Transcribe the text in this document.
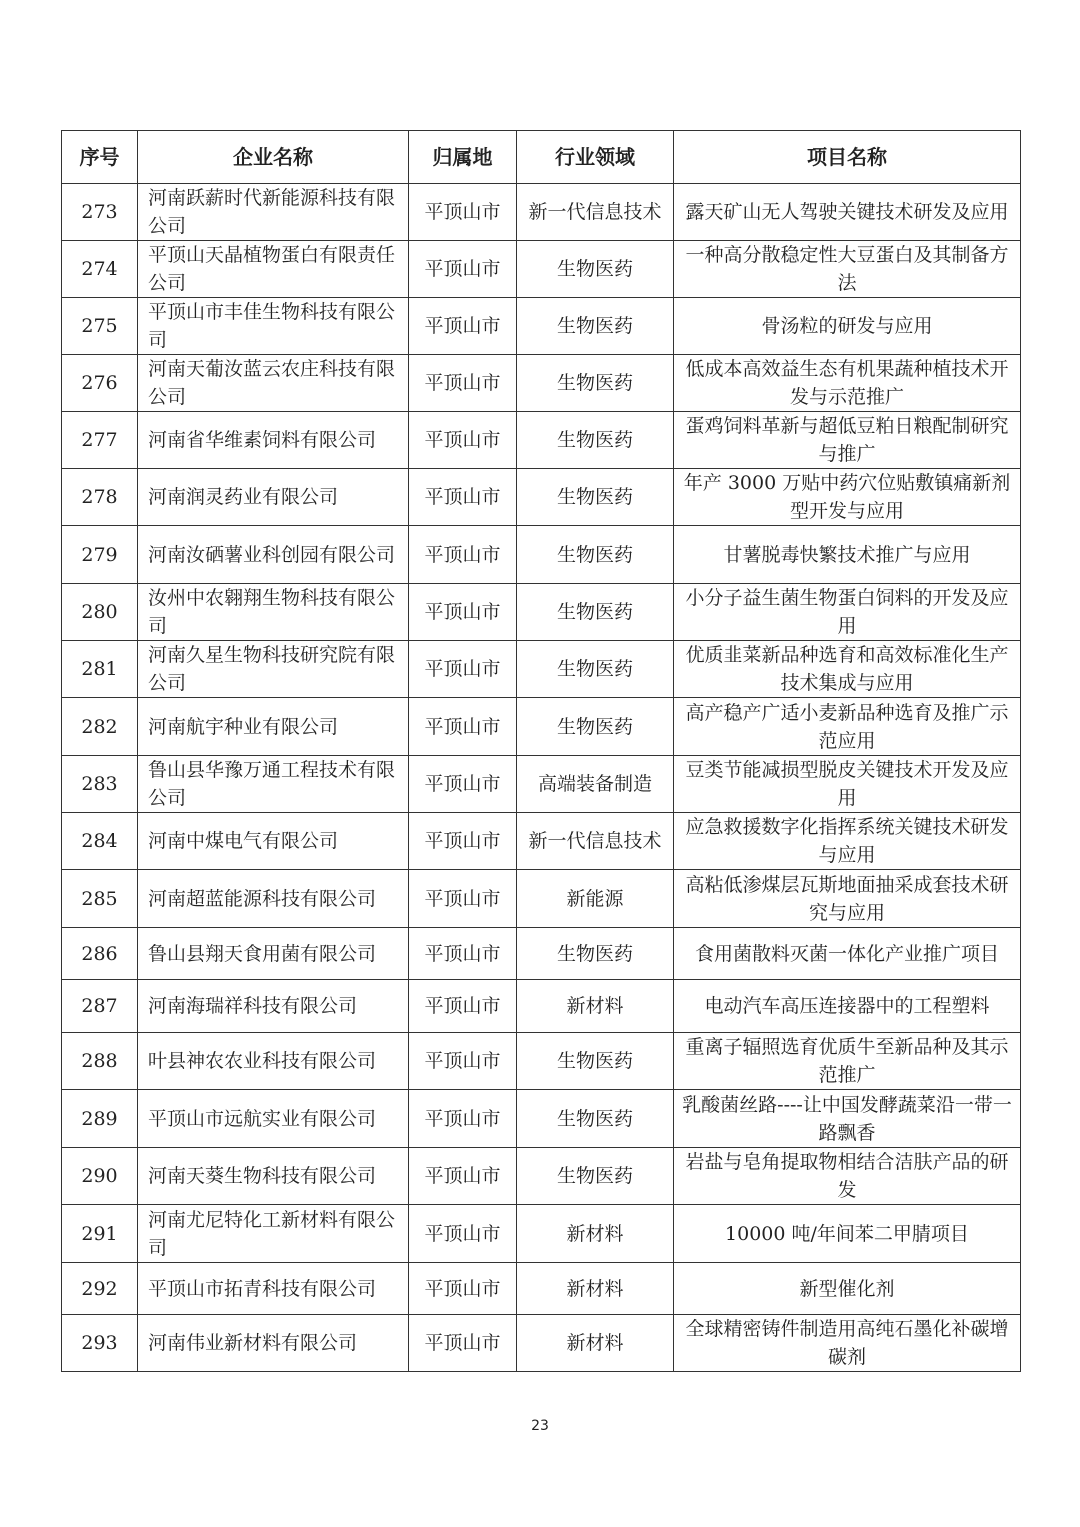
序号	企业名称	归属地	行业领域	项目名称
273	河南跃薪时代新能源科技有限公司	平顶山市	新一代信息技术	露天矿山无人驾驶关键技术研发及应用
274	平顶山天晶植物蛋白有限责任公司	平顶山市	生物医药	一种高分散稳定性大豆蛋白及其制备方法
275	平顶山市丰佳生物科技有限公司	平顶山市	生物医药	骨汤粒的研发与应用
276	河南天葡汝蓝云农庄科技有限公司	平顶山市	生物医药	低成本高效益生态有机果蔬种植技术开发与示范推广
277	河南省华维素饲料有限公司	平顶山市	生物医药	蛋鸡饲料革新与超低豆粕日粮配制研究与推广
278	河南润灵药业有限公司	平顶山市	生物医药	年产 3000 万贴中药穴位贴敷镇痛新剂型开发与应用
279	河南汝硒薯业科创园有限公司	平顶山市	生物医药	甘薯脱毒快繁技术推广与应用
280	汝州中农翱翔生物科技有限公司	平顶山市	生物医药	小分子益生菌生物蛋白饲料的开发及应用
281	河南久星生物科技研究院有限公司	平顶山市	生物医药	优质韭菜新品种选育和高效标准化生产技术集成与应用
282	河南航宇种业有限公司	平顶山市	生物医药	高产稳产广适小麦新品种选育及推广示范应用
283	鲁山县华豫万通工程技术有限公司	平顶山市	高端装备制造	豆类节能减损型脱皮关键技术开发及应用
284	河南中煤电气有限公司	平顶山市	新一代信息技术	应急救援数字化指挥系统关键技术研发与应用
285	河南超蓝能源科技有限公司	平顶山市	新能源	高粘低渗煤层瓦斯地面抽采成套技术研究与应用
286	鲁山县翔天食用菌有限公司	平顶山市	生物医药	食用菌散料灭菌一体化产业推广项目
287	河南海瑞祥科技有限公司	平顶山市	新材料	电动汽车高压连接器中的工程塑料
288	叶县神农农业科技有限公司	平顶山市	生物医药	重离子辐照选育优质牛至新品种及其示范推广
289	平顶山市远航实业有限公司	平顶山市	生物医药	乳酸菌丝路----让中国发酵蔬菜沿一带一路飘香
290	河南天葵生物科技有限公司	平顶山市	生物医药	岩盐与皂角提取物相结合洁肤产品的研发
291	河南尤尼特化工新材料有限公司	平顶山市	新材料	10000 吨/年间苯二甲腈项目
292	平顶山市拓青科技有限公司	平顶山市	新材料	新型催化剂
293	河南伟业新材料有限公司	平顶山市	新材料	全球精密铸件制造用高纯石墨化补碳增碳剂
23
